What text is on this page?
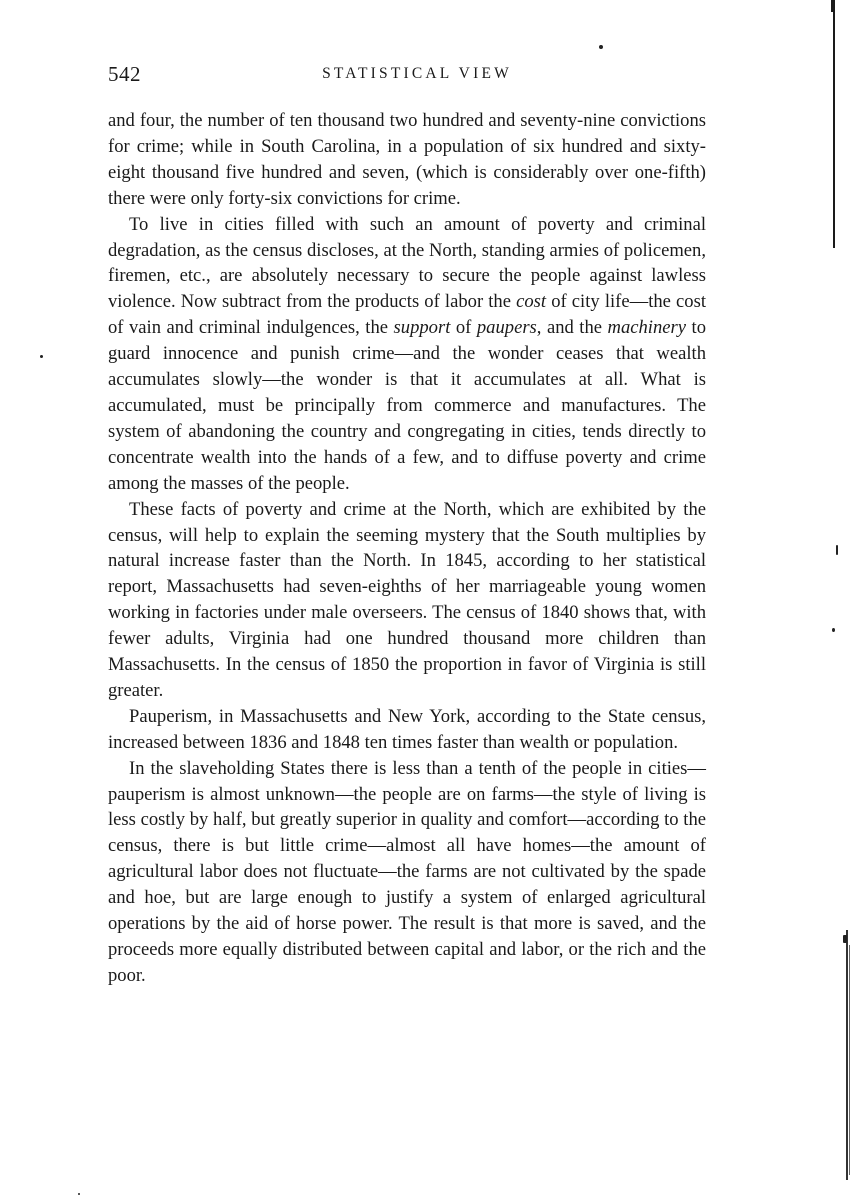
542	STATISTICAL VIEW

and four, the number of ten thousand two hundred and seventy-nine convictions for crime; while in South Carolina, in a population of six hundred and sixty-eight thousand five hundred and seven, (which is considerably over one-fifth) there were only forty-six convictions for crime.

To live in cities filled with such an amount of poverty and criminal degradation, as the census discloses, at the North, standing armies of policemen, firemen, etc., are absolutely necessary to secure the people against lawless violence. Now subtract from the products of labor the cost of city life—the cost of vain and criminal indulgences, the support of paupers, and the machinery to guard innocence and punish crime—and the wonder ceases that wealth accumulates slowly—the wonder is that it accumulates at all. What is accumulated, must be principally from commerce and manufactures. The system of abandoning the country and congregating in cities, tends directly to concentrate wealth into the hands of a few, and to diffuse poverty and crime among the masses of the people.

These facts of poverty and crime at the North, which are exhibited by the census, will help to explain the seeming mystery that the South multiplies by natural increase faster than the North. In 1845, according to her statistical report, Massachusetts had seven-eighths of her marriageable young women working in factories under male overseers. The census of 1840 shows that, with fewer adults, Virginia had one hundred thousand more children than Massachusetts. In the census of 1850 the proportion in favor of Virginia is still greater.

Pauperism, in Massachusetts and New York, according to the State census, increased between 1836 and 1848 ten times faster than wealth or population.

In the slaveholding States there is less than a tenth of the people in cities—pauperism is almost unknown—the people are on farms—the style of living is less costly by half, but greatly superior in quality and comfort—according to the census, there is but little crime—almost all have homes—the amount of agricultural labor does not fluctuate—the farms are not cultivated by the spade and hoe, but are large enough to justify a system of enlarged agricultural operations by the aid of horse power. The result is that more is saved, and the proceeds more equally distributed between capital and labor, or the rich and the poor.
